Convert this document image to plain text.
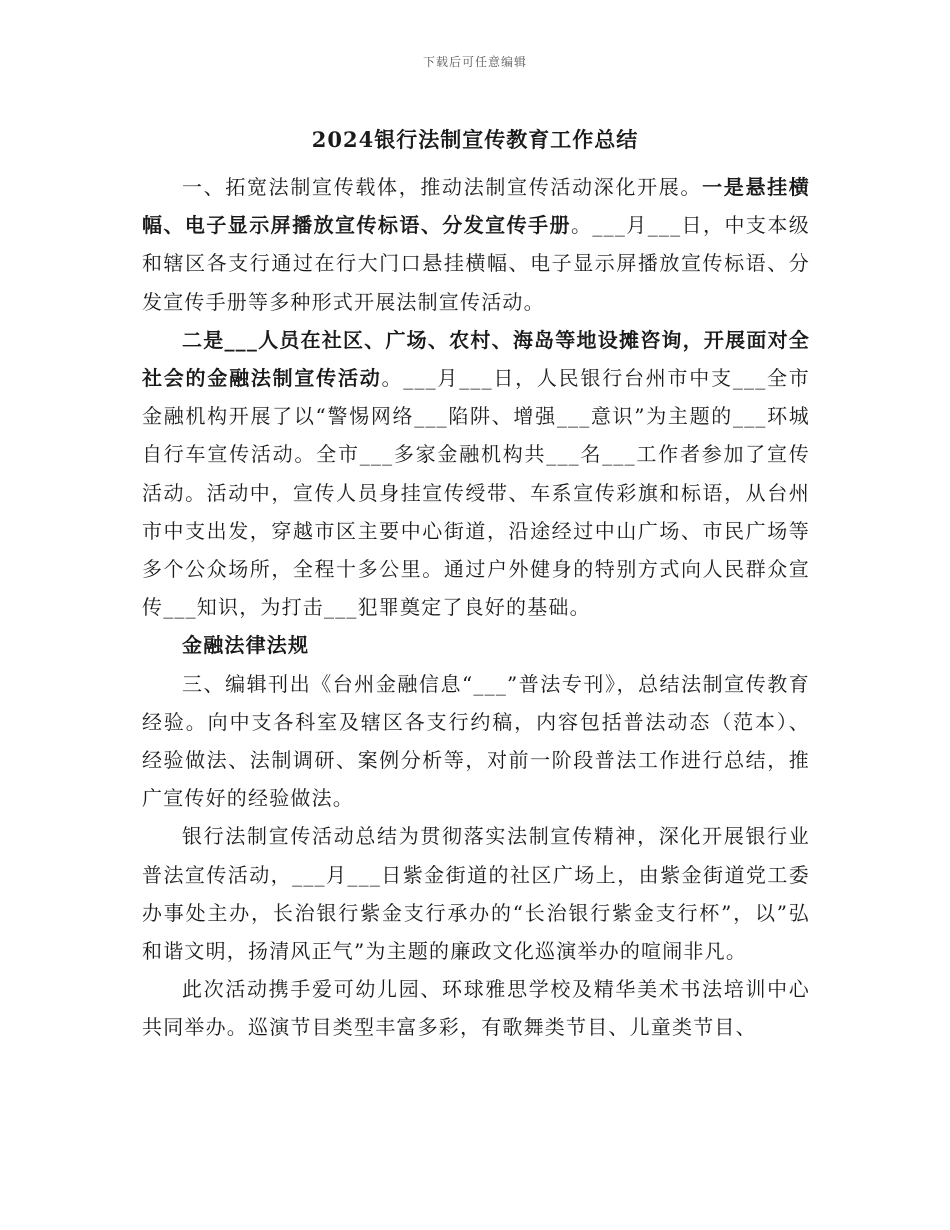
下载后可任意编辑
2024银行法制宣传教育工作总结

一、拓宽法制宣传载体，推动法制宣传活动深化开展。一是悬挂横幅、电子显示屏播放宣传标语、分发宣传手册。___月___日，中支本级和辖区各支行通过在行大门口悬挂横幅、电子显示屏播放宣传标语、分发宣传手册等多种形式开展法制宣传活动。

二是___人员在社区、广场、农村、海岛等地设摊咨询，开展面对全社会的金融法制宣传活动。___月___日，人民银行台州市中支___全市金融机构开展了以“警惕网络___陷阱、增强___意识”为主题的___环城自行车宣传活动。全市___多家金融机构共___名___工作者参加了宣传活动。活动中，宣传人员身挂宣传绶带、车系宣传彩旗和标语，从台州市中支出发，穿越市区主要中心街道，沿途经过中山广场、市民广场等多个公众场所，全程十多公里。通过户外健身的特别方式向人民群众宣传___知识，为打击___犯罪奠定了良好的基础。

金融法律法规

三、编辑刊出《台州金融信息“___”普法专刊》，总结法制宣传教育经验。向中支各科室及辖区各支行约稿，内容包括普法动态（范本）、经验做法、法制调研、案例分析等，对前一阶段普法工作进行总结，推广宣传好的经验做法。

银行法制宣传活动总结为贯彻落实法制宣传精神，深化开展银行业普法宣传活动，___月___日紫金街道的社区广场上，由紫金街道党工委办事处主办，长治银行紫金支行承办的“长治银行紫金支行杯”，以”弘和谐文明，扬清风正气”为主题的廉政文化巡演举办的喧闹非凡。

此次活动携手爱可幼儿园、环球雅思学校及精华美术书法培训中心共同举办。巡演节目类型丰富多彩，有歌舞类节目、儿童类节目、
